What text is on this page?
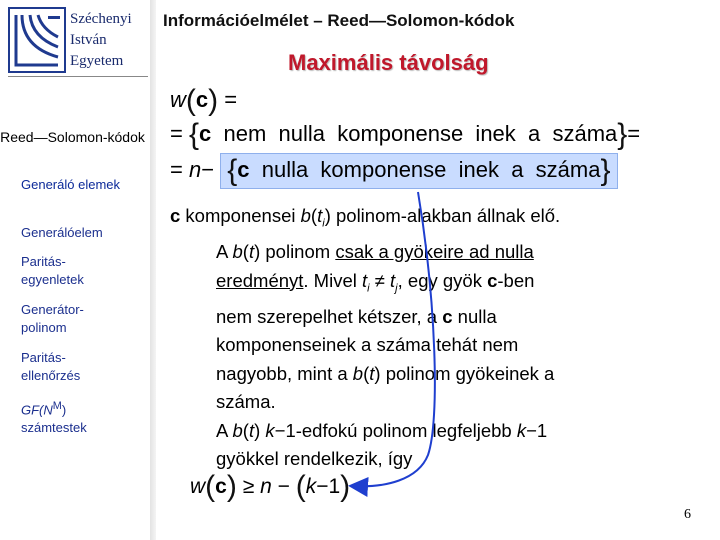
Széchenyi
István
Egyetem
Reed—Solomon-kódok
Generáló elemek
Generálóelem
Paritás-
egyenletek
Generátor-
polinom
Paritás-
ellenőrzés
$GF(N^M)$
számtestek
Információelmélet – Reed—Solomon-kódok
Maximális távolság
w(c) =
= {c nem  nulla  komponense  inek  a  száma}=
= n− {c nulla  komponense  inek  a  száma}

c komponensei $b(t_i)$ polinom-alakban állnak elő.

A b(t) polinom csak a gyökeire ad nulla

eredményt. Mivel $t_i \ne t_j$, egy gyök c-ben

nem szerepelhet kétszer, a c nulla

komponenseinek a száma tehát nem

nagyobb, mint a b(t) polinom gyökeinek a

száma.

A b(t) k−1-edfokú polinom legfeljebb k−1

gyökkel rendelkezik, így

w(c) ≥ n − (k−1)
6
